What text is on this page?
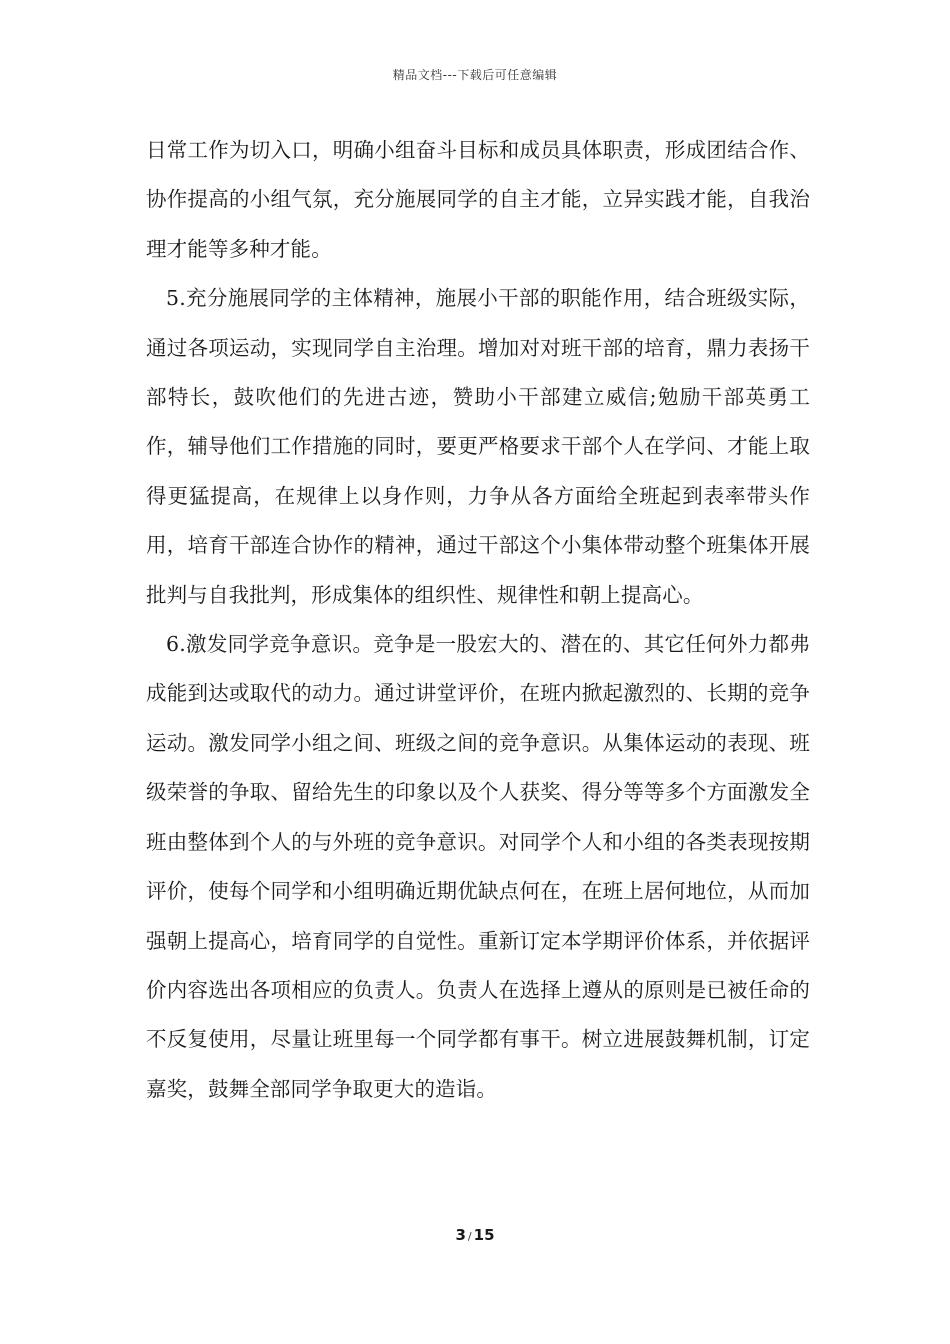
精品文档---下载后可任意编辑

日常工作为切入口，明确小组奋斗目标和成员具体职责，形成团结合作、协作提高的小组气氛，充分施展同学的自主才能，立异实践才能，自我治理才能等多种才能。

5.充分施展同学的主体精神，施展小干部的职能作用，结合班级实际，通过各项运动，实现同学自主治理。增加对对班干部的培育，鼎力表扬干部特长，鼓吹他们的先进古迹，赞助小干部建立威信;勉励干部英勇工作，辅导他们工作措施的同时，要更严格要求干部个人在学问、才能上取得更猛提高，在规律上以身作则，力争从各方面给全班起到表率带头作用，培育干部连合协作的精神，通过干部这个小集体带动整个班集体开展批判与自我批判，形成集体的组织性、规律性和朝上提高心。

6.激发同学竞争意识。竞争是一股宏大的、潜在的、其它任何外力都弗成能到达或取代的动力。通过讲堂评价，在班内掀起激烈的、长期的竞争运动。激发同学小组之间、班级之间的竞争意识。从集体运动的表现、班级荣誉的争取、留给先生的印象以及个人获奖、得分等等多个方面激发全班由整体到个人的与外班的竞争意识。对同学个人和小组的各类表现按期评价，使每个同学和小组明确近期优缺点何在，在班上居何地位，从而加强朝上提高心，培育同学的自觉性。重新订定本学期评价体系，并依据评价内容选出各项相应的负责人。负责人在选择上遵从的原则是已被任命的不反复使用，尽量让班里每一个同学都有事干。树立进展鼓舞机制，订定嘉奖，鼓舞全部同学争取更大的造诣。

3 / 15
